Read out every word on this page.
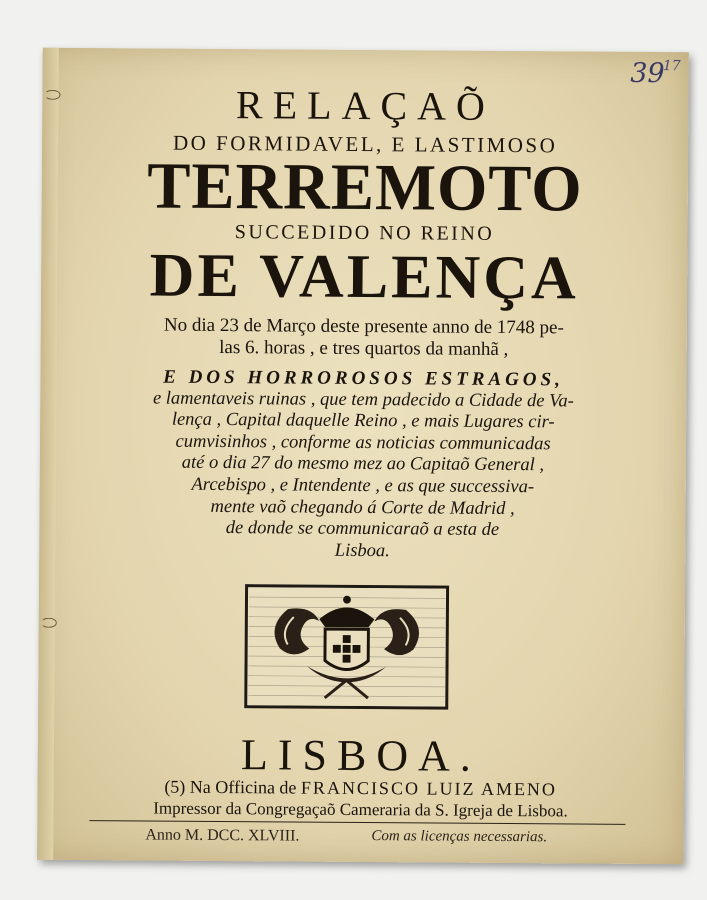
39
17
RELAÇAÕ
DO FORMIDAVEL, E LASTIMOSO
TERREMOTO
SUCCEDIDO NO REINO
DE VALENÇA
No dia 23 de Março deste presente anno de 1748 pe-
las 6. horas , e tres quartos da manhã ,
E DOS HORROROSOS ESTRAGOS,
e lamentaveis ruinas , que tem padecido a Cidade de Va-
lença , Capital daquelle Reino , e mais Lugares cir-
cumvisinhos , conforme as noticias communicadas
até o dia 27 do mesmo mez ao Capitaõ General ,
Arcebispo , e Intendente , e as que successiva-
mente vaõ chegando á Corte de Madrid ,
de donde se communicaraõ a esta de
Lisboa.
LISBOA.
(5) Na Officina de FRANCISCO LUIZ AMENO
Impressor da Congregaçaõ Cameraria da S. Igreja de Lisboa.
Anno M. DCC. XLVIII.	Com as licenças necessarias.
